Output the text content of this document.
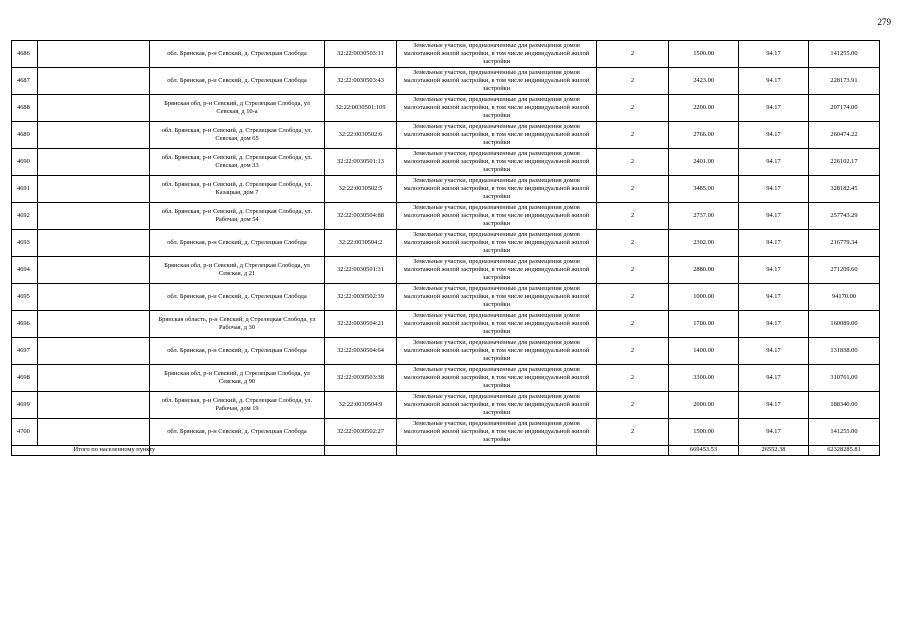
279
4686		обл. Брянская, р-н Севский, д. Стрелецкая Слобода	32:22:0030503:11	Земельные участки, предназначенные для размещения домов малоэтажной жилой застройки, в том числе индивидуальной жилой застройки	2	1500.00	94.17	141255.00
4687		обл. Брянская, р-н Севский, д. Стрелецкая Слобода	32:22:0030503:43	Земельные участки, предназначенные для размещения домов малоэтажной жилой застройки, в том числе индивидуальной жилой застройки	2	2423.00	94.17	228173.91
4688		Брянская обл, р-н Севский, д Стрелецкая Слобода, ул Севская, д 10-а	32:22:0030501:109	Земельные участки, предназначенные для размещения домов малоэтажной жилой застройки, в том числе индивидуальной жилой застройки	2	2200.00	94.17	207174.00
4689		обл. Брянская, р-н Севский, д. Стрелецкая Слобода, ул. Севская, дом 65	32:22:0030502:6	Земельные участки, предназначенные для размещения домов малоэтажной жилой застройки, в том числе индивидуальной жилой застройки	2	2766.00	94.17	260474.22
4690		обл. Брянская, р-н Севский, д. Стрелецкая Слобода, ул. Севская, дом 33	32:22:0030501:13	Земельные участки, предназначенные для размещения домов малоэтажной жилой застройки, в том числе индивидуальной жилой застройки	2	2401.00	94.17	226102.17
4691		обл. Брянская, р-н Севский, д. Стрелецкая Слобода, ул. Казацкая, дом 7	32:22:0030502:5	Земельные участки, предназначенные для размещения домов малоэтажной жилой застройки, в том числе индивидуальной жилой застройки	2	3485.00	94.17	328182.45
4692		обл. Брянская, р-н Севский, д. Стрелецкая Слобода, ул. Рабочая, дом 54	32:22:0030504:88	Земельные участки, предназначенные для размещения домов малоэтажной жилой застройки, в том числе индивидуальной жилой застройки	2	2737.00	94.17	257743.29
4693		обл. Брянская, р-н Севский, д. Стрелецкая Слобода	32:22:0030504:2	Земельные участки, предназначенные для размещения домов малоэтажной жилой застройки, в том числе индивидуальной жилой застройки	2	2302.00	94.17	216779.34
4694		Брянская обл, р-н Севский, д Стрелецкая Слобода, ул Севская, д 21	32:22:0030501:31	Земельные участки, предназначенные для размещения домов малоэтажной жилой застройки, в том числе индивидуальной жилой застройки	2	2880.00	94.17	271209.60
4695		обл. Брянская, р-н Севский, д. Стрелецкая Слобода	32:22:0030502:39	Земельные участки, предназначенные для размещения домов малоэтажной жилой застройки, в том числе индивидуальной жилой застройки	2	1000.00	94.17	94170.00
4696		Брянская область, р-н Севский, д Стрелецкая Слобода, ул Рабочая, д 30	32:22:0030504:21	Земельные участки, предназначенные для размещения домов малоэтажной жилой застройки, в том числе индивидуальной жилой застройки	2	1700.00	94.17	160089.00
4697		обл. Брянская, р-н Севский, д. Стрелецкая Слобода	32:22:0030504:64	Земельные участки, предназначенные для размещения домов малоэтажной жилой застройки, в том числе индивидуальной жилой застройки	2	1400.00	94.17	131838.00
4698		Брянская обл, р-н Севский, д Стрелецкая Слобода, ул Севская, д 90	32:22:0030503:38	Земельные участки, предназначенные для размещения домов малоэтажной жилой застройки, в том числе индивидуальной жилой застройки	2	3300.00	94.17	310761.00
4699		обл. Брянская, р-н Севский, д. Стрелецкая Слобода, ул. Рабочая, дом 19	32:22:0030504:9	Земельные участки, предназначенные для размещения домов малоэтажной жилой застройки, в том числе индивидуальной жилой застройки	2	2000.00	94.17	188340.00
4700		обл. Брянская, р-н Севский, д. Стрелецкая Слобода	32:22:0030502:27	Земельные участки, предназначенные для размещения домов малоэтажной жилой застройки, в том числе индивидуальной жилой застройки	2	1500.00	94.17	141255.00
	Итого по населенному пункту					669453.53	26552.38	62328285.81
